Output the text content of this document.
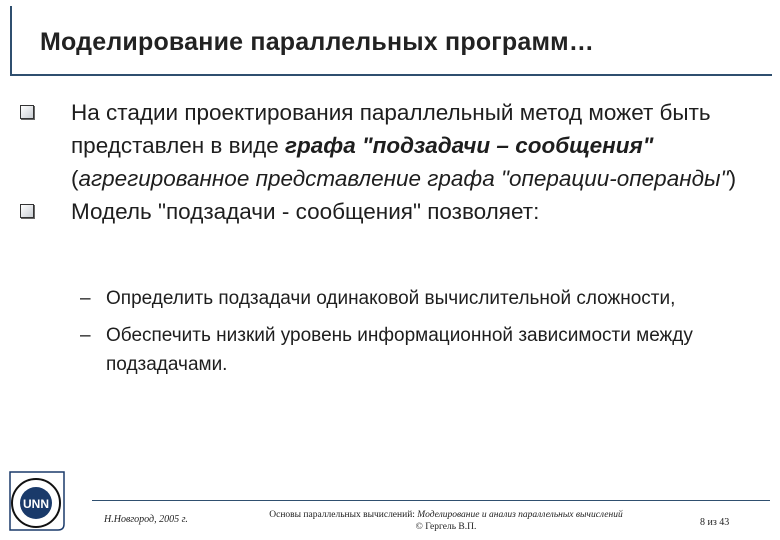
Моделирование параллельных программ…
На стадии проектирования параллельный метод может быть представлен в виде графа "подзадачи – сообщения" (агрегированное представление графа "операции-операнды")
Модель "подзадачи - сообщения" позволяет:
– Определить подзадачи одинаковой вычислительной сложности,
– Обеспечить низкий уровень информационной зависимости между подзадачами.
UNN
Н.Новгород, 2005 г.	Основы параллельных вычислений: Моделирование и анализ параллельных вычислений
© Гергель В.П.	8 из 43
